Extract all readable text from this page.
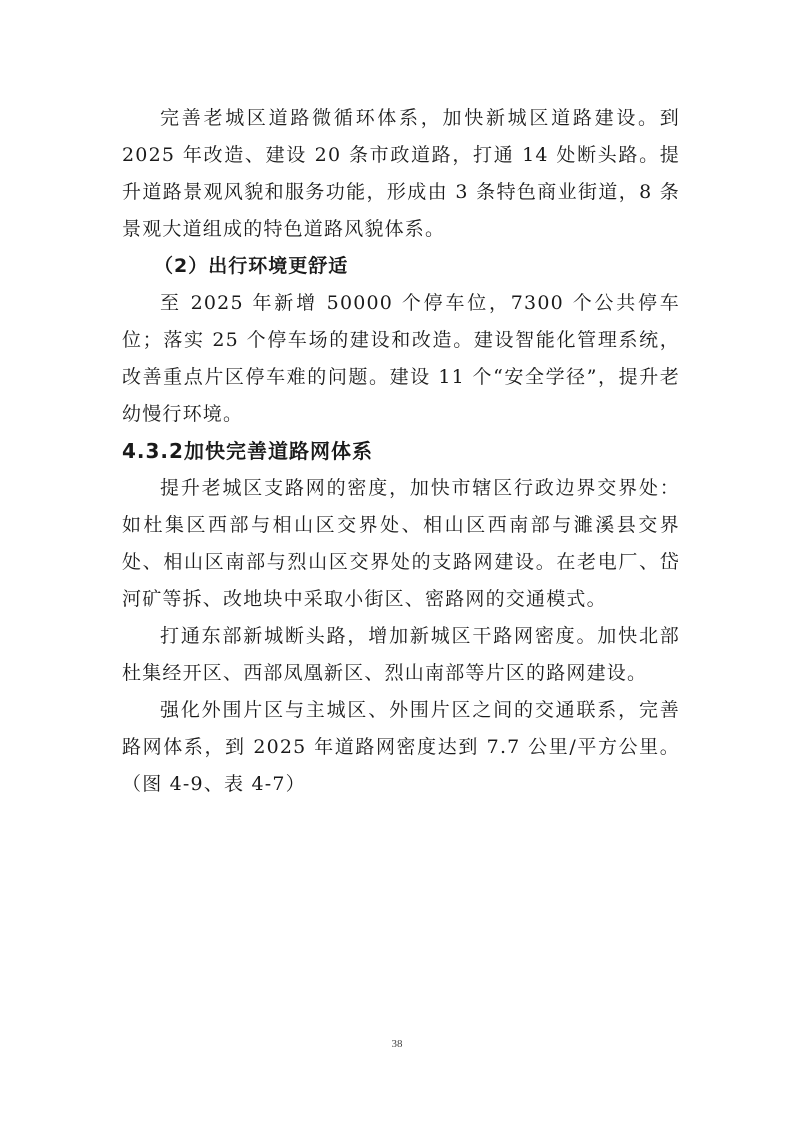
完善老城区道路微循环体系，加快新城区道路建设。到 2025 年改造、建设 20 条市政道路，打通 14 处断头路。提升道路景观风貌和服务功能，形成由 3 条特色商业街道，8 条景观大道组成的特色道路风貌体系。

（2）出行环境更舒适

至 2025 年新增 50000 个停车位，7300 个公共停车位；落实 25 个停车场的建设和改造。建设智能化管理系统，改善重点片区停车难的问题。建设 11 个“安全学径”，提升老幼慢行环境。

4.3.2加快完善道路网体系

提升老城区支路网的密度，加快市辖区行政边界交界处：如杜集区西部与相山区交界处、相山区西南部与濉溪县交界处、相山区南部与烈山区交界处的支路网建设。在老电厂、岱河矿等拆、改地块中采取小街区、密路网的交通模式。

打通东部新城断头路，增加新城区干路网密度。加快北部杜集经开区、西部凤凰新区、烈山南部等片区的路网建设。

强化外围片区与主城区、外围片区之间的交通联系，完善路网体系，到 2025 年道路网密度达到 7.7 公里/平方公里。（图 4-9、表 4-7）

38
